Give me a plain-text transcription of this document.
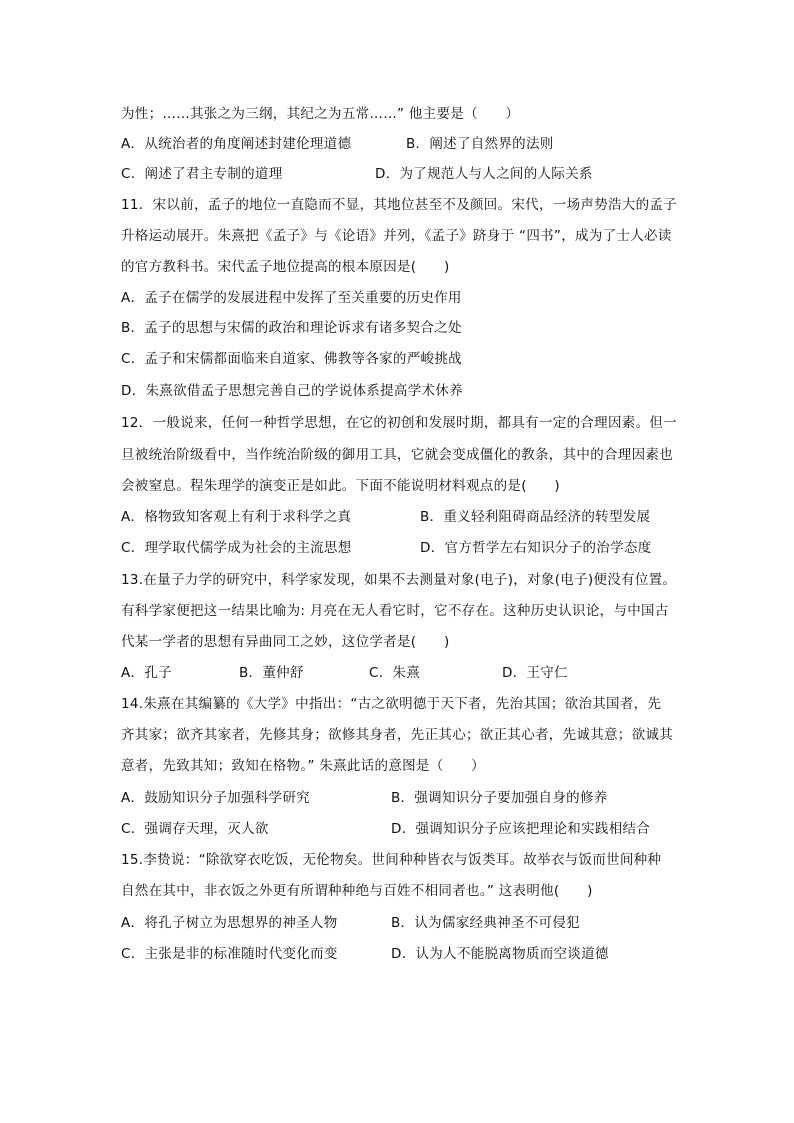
为性；……其张之为三纲，其纪之为五常……” 他主要是（　　）
A．从统治者的角度阐述封建伦理道德	B．阐述了自然界的法则
C．阐述了君主专制的道理	D．为了规范人与人之间的人际关系
11．宋以前，孟子的地位一直隐而不显，其地位甚至不及颜回。宋代，一场声势浩大的孟子
升格运动展开。朱熹把《孟子》与《论语》并列，《孟子》跻身于 “四书”，成为了士人必读
的官方教科书。宋代孟子地位提高的根本原因是(　　)
A．孟子在儒学的发展进程中发挥了至关重要的历史作用
B．孟子的思想与宋儒的政治和理论诉求有诸多契合之处
C．孟子和宋儒都面临来自道家、佛教等各家的严峻挑战
D．朱熹欲借孟子思想完善自己的学说体系提高学术休养
12．一般说来，任何一种哲学思想，在它的初创和发展时期，都具有一定的合理因素。但一
旦被统治阶级看中，当作统治阶级的御用工具，它就会变成僵化的教条，其中的合理因素也
会被窒息。程朱理学的演变正是如此。下面不能说明材料观点的是(　　)
A．格物致知客观上有利于求科学之真	B．重义轻利阻碍商品经济的转型发展
C．理学取代儒学成为社会的主流思想	D．官方哲学左右知识分子的治学态度
13.在量子力学的研究中，科学家发现，如果不去测量对象(电子)，对象(电子)便没有位置。
有科学家便把这一结果比喻为: 月亮在无人看它时，它不存在。这种历史认识论，与中国古
代某一学者的思想有异曲同工之妙，这位学者是(　　)
A．孔子	B．董仲舒	C．朱熹	D．王守仁
14.朱熹在其编纂的《大学》中指出：“古之欲明德于天下者，先治其国；欲治其国者，先
齐其家；欲齐其家者，先修其身；欲修其身者，先正其心；欲正其心者，先诚其意；欲诚其
意者，先致其知；致知在格物。” 朱熹此话的意图是（　　）
A．鼓励知识分子加强科学研究	B．强调知识分子要加强自身的修养
C．强调存天理，灭人欲	D．强调知识分子应该把理论和实践相结合
15.李贽说：“除欲穿衣吃饭，无伦物矣。世间种种皆衣与饭类耳。故举衣与饭而世间种种
自然在其中，非衣饭之外更有所谓种种绝与百姓不相同者也。” 这表明他(　　)
A．将孔子树立为思想界的神圣人物	B．认为儒家经典神圣不可侵犯
C．主张是非的标准随时代变化而变	D．认为人不能脱离物质而空谈道德
